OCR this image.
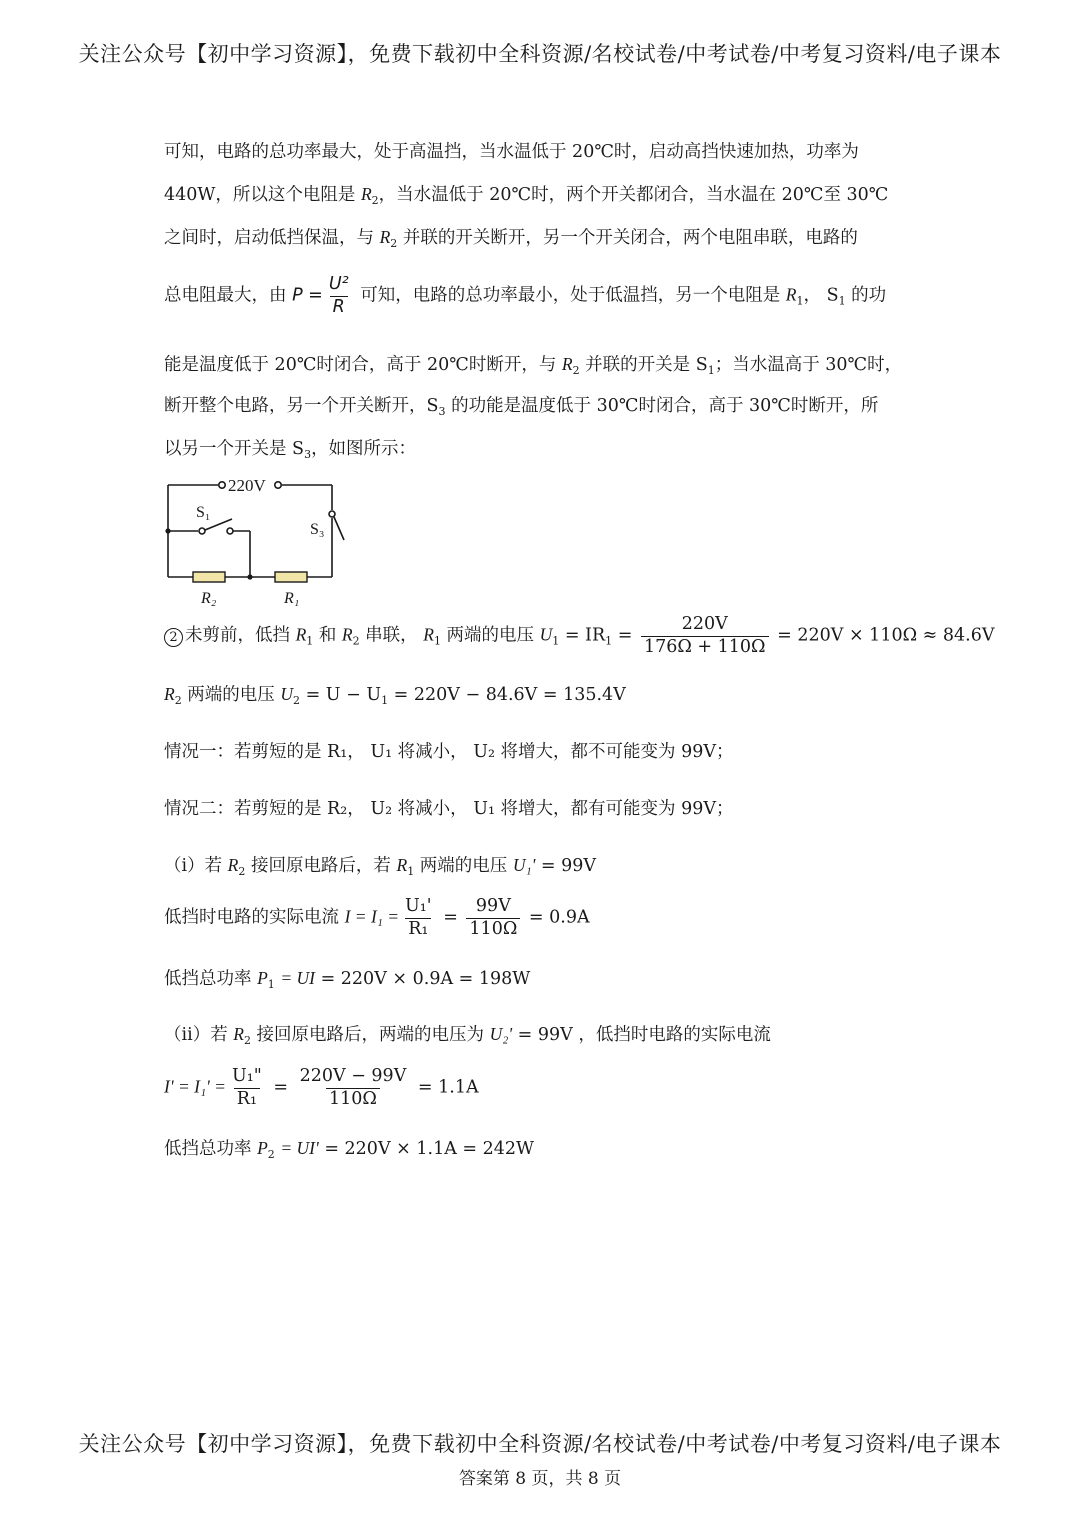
关注公众号【初中学习资源】，免费下载初中全科资源/名校试卷/中考试卷/中考复习资料/电子课本
可知，电路的总功率最大，处于高温挡，当水温低于 20℃时，启动高挡快速加热，功率为
440W，所以这个电阻是 $R_2$，当水温低于 20℃时，两个开关都闭合，当水温在 20℃至 30℃
之间时，启动低挡保温，与 $R_2$ 并联的开关断开，另一个开关闭合，两个电阻串联，电路的
总电阻最大，由 $P = \frac{\text{U²}}{R}$ 可知，电路的总功率最小，处于低温挡，另一个电阻是 $R_1$， $S_1$ 的功
能是温度低于 20℃时闭合，高于 20℃时断开，与 $R_2$ 并联的开关是 $S_1$；当水温高于 30℃时，
断开整个电路，另一个开关断开，$S_3$ 的功能是温度低于 30℃时闭合，高于 30℃时断开，所
以另一个开关是 $S_3$，如图所示：
2 未剪前，低挡 $R_1$ 和 $R_2$ 串联， $R_1$ 两端的电压 $U_1 = IR_1 = \frac{220V}{176\Omega + 110\Omega} = 220V \times 110\Omega \approx 84.6V$
$R_2$ 两端的电压 $U_2 = U - U_1 = 220V - 84.6V = 135.4V$
情况一：若剪短的是 R₁， U₁ 将减小， U₂ 将增大，都不可能变为 99V；
情况二：若剪短的是 R₂， U₂ 将减小， U₁ 将增大，都有可能变为 99V；
（i）若 $R_2$ 接回原电路后，若 $R_1$ 两端的电压 U₁' = 99V
低挡时电路的实际电流 $I = I_1 = \frac{\text{U₁'}}{\text{R₁}} = \frac{99V}{110\Omega} = 0.9A$
低挡总功率 $P_1$ = UI = 220V × 0.9A = 198W
（ii）若 $R_2$ 接回原电路后，两端的电压为 U₂' = 99V ，低挡时电路的实际电流
$I' = I_1' = \frac{\text{U₁"}}{\text{R₁}} = \frac{220V - 99V}{110\Omega} = 1.1A$
低挡总功率 $P_2 = UI' = 220V \times 1.1A = 242W$
220V
S₁
S₃
R₂	R₁
关注公众号【初中学习资源】，免费下载初中全科资源/名校试卷/中考试卷/中考复习资料/电子课本
答案第 8 页，共 8 页
